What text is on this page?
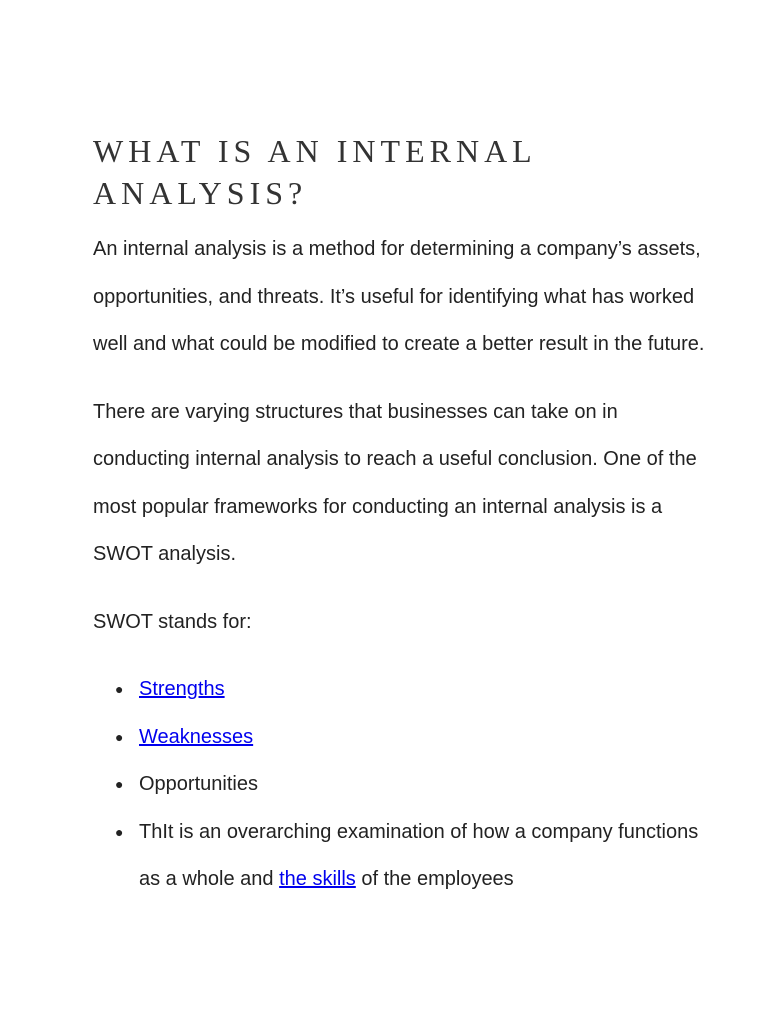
WHAT IS AN INTERNAL ANALYSIS?

An internal analysis is a method for determining a company’s assets, opportunities, and threats. It’s useful for identifying what has worked well and what could be modified to create a better result in the future.

There are varying structures that businesses can take on in conducting internal analysis to reach a useful conclusion. One of the most popular frameworks for conducting an internal analysis is a SWOT analysis.

SWOT stands for:

● Strengths
● Weaknesses
● Opportunities
● ThIt is an overarching examination of how a company functions as a whole and the skills of the employees
